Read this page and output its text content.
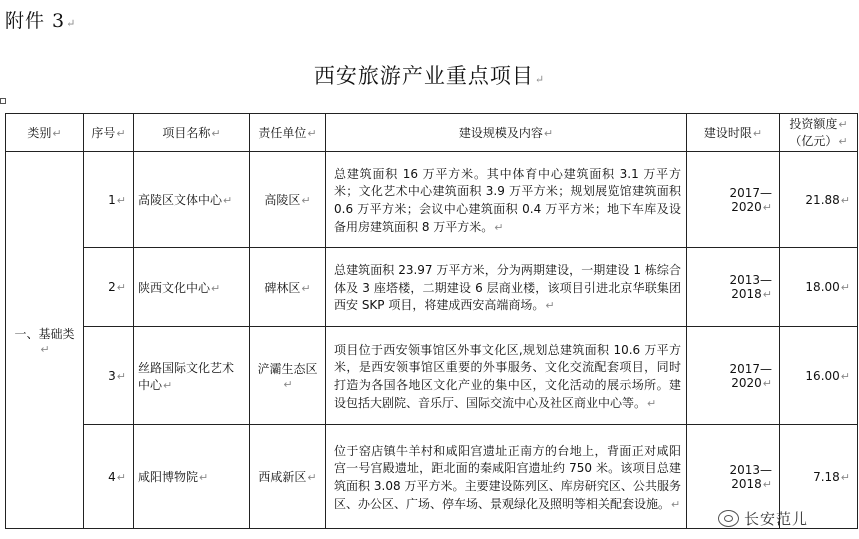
附件 3↵
西安旅游产业重点项目↵
类别↵	序号↵	项目名称↵	责任单位↵	建设规模及内容↵	建设时限↵	投资额度↵
（亿元）↵

一、基础类↵	1↵	高陵区文体中心↵	高陵区↵	总建筑面积 16 万平方米。其中体育中心建筑面积 3.1 万平方米；文化艺术中心建筑面积 3.9 万平方米；规划展览馆建筑面积 0.6 万平方米；会议中心建筑面积 0.4 万平方米；地下车库及设备用房建筑面积 8 万平方米。↵	2017—2020↵	21.88↵
	2↵	陕西文化中心↵	碑林区↵	总建筑面积 23.97 万平方米，分为两期建设，一期建设 1 栋综合体及 3 座塔楼，二期建设 6 层商业楼，该项目引进北京华联集团西安 SKP 项目，将建成西安高端商场。↵	2013—2018↵	18.00↵
	3↵	丝路国际文化艺术中心↵	浐灞生态区↵	项目位于西安领事馆区外事文化区,规划总建筑面积 10.6 万平方米，是西安领事馆区重要的外事服务、文化交流配套项目，同时打造为各国各地区文化产业的集中区，文化活动的展示场所。建设包括大剧院、音乐厅、国际交流中心及社区商业中心等。↵	2017—2020↵	16.00↵
	4↵	咸阳博物院↵	西咸新区↵	位于窑店镇牛羊村和咸阳宫遗址正南方的台地上，背面正对咸阳宫一号宫殿遗址，距北面的秦咸阳宫遗址约 750 米。该项目总建筑面积 3.08 万平方米。主要建设陈列区、库房研究区、公共服务区、办公区、广场、停车场、景观绿化及照明等相关配套设施。↵	2013—2018↵	7.18↵
长安范儿
